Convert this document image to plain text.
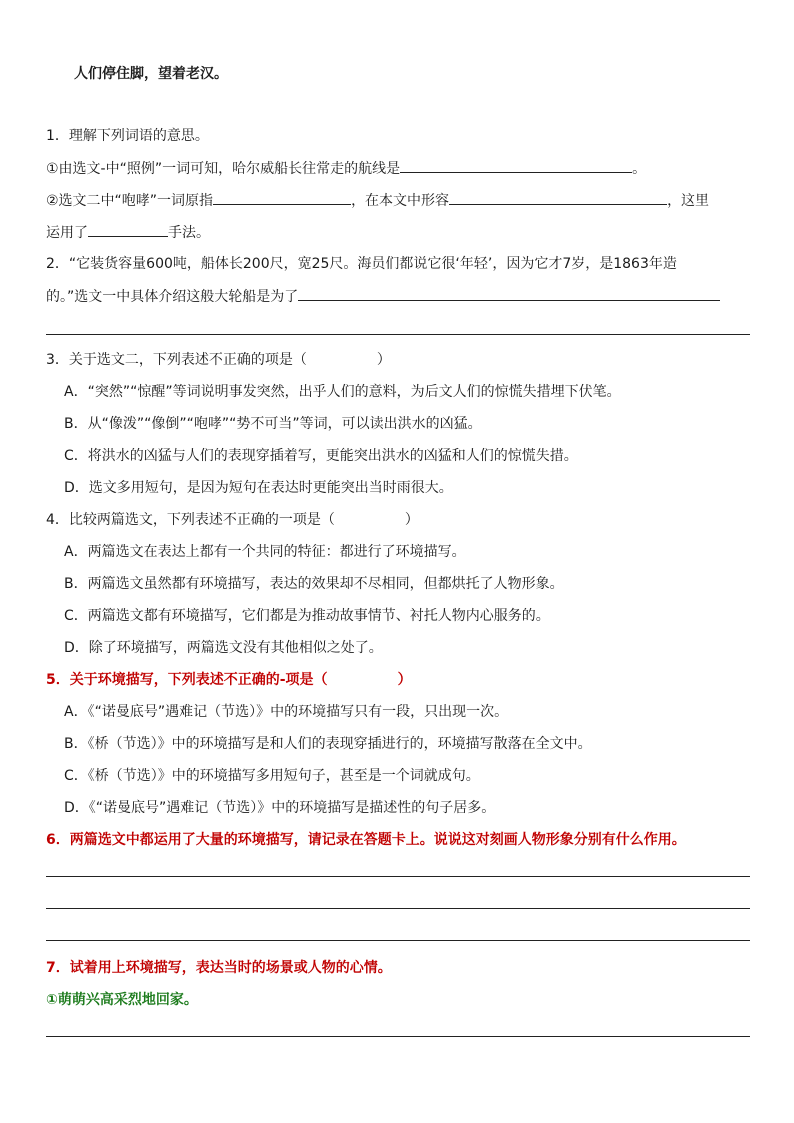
人们停住脚，望着老汉。
1．理解下列词语的意思。
①由选文-中“照例”一词可知，哈尔威船长往常走的航线是	。
②选文二中“咆哮”一词原指	，在本文中形容	，这里
运用了	手法。
2．“它装货容量600吨，船体长200尺，宽25尺。海员们都说它很‘年轻’，因为它才7岁，是1863年造
的。”选文一中具体介绍这般大轮船是为了
3．关于选文二，下列表述不正确的项是（	）
A．“突然”“惊醒”等词说明事发突然，出乎人们的意料，为后文人们的惊慌失措埋下伏笔。
B．从“像泼”“像倒”“咆哮”“势不可当”等词，可以读出洪水的凶猛。
C．将洪水的凶猛与人们的表现穿插着写，更能突出洪水的凶猛和人们的惊慌失措。
D．选文多用短句，是因为短句在表达时更能突出当时雨很大。
4．比较两篇选文，下列表述不正确的一项是（	）
A．两篇选文在表达上都有一个共同的特征：都进行了环境描写。
B．两篇选文虽然都有环境描写，表达的效果却不尽相同，但都烘托了人物形象。
C．两篇选文都有环境描写，它们都是为推动故事情节、衬托人物内心服务的。
D．除了环境描写，两篇选文没有其他相似之处了。
5．关于环境描写，下列表述不正确的-项是（	）
A．《“诺曼底号”遇难记（节选）》中的环境描写只有一段，只出现一次。
B．《桥（节选）》中的环境描写是和人们的表现穿插进行的，环境描写散落在全文中。
C．《桥（节选）》中的环境描写多用短句子，甚至是一个词就成句。
D．《“诺曼底号”遇难记（节选）》中的环境描写是描述性的句子居多。
6．两篇选文中都运用了大量的环境描写，请记录在答题卡上。说说这对刻画人物形象分别有什么作用。
7．试着用上环境描写，表达当时的场景或人物的心情。
①萌萌兴高采烈地回家。
